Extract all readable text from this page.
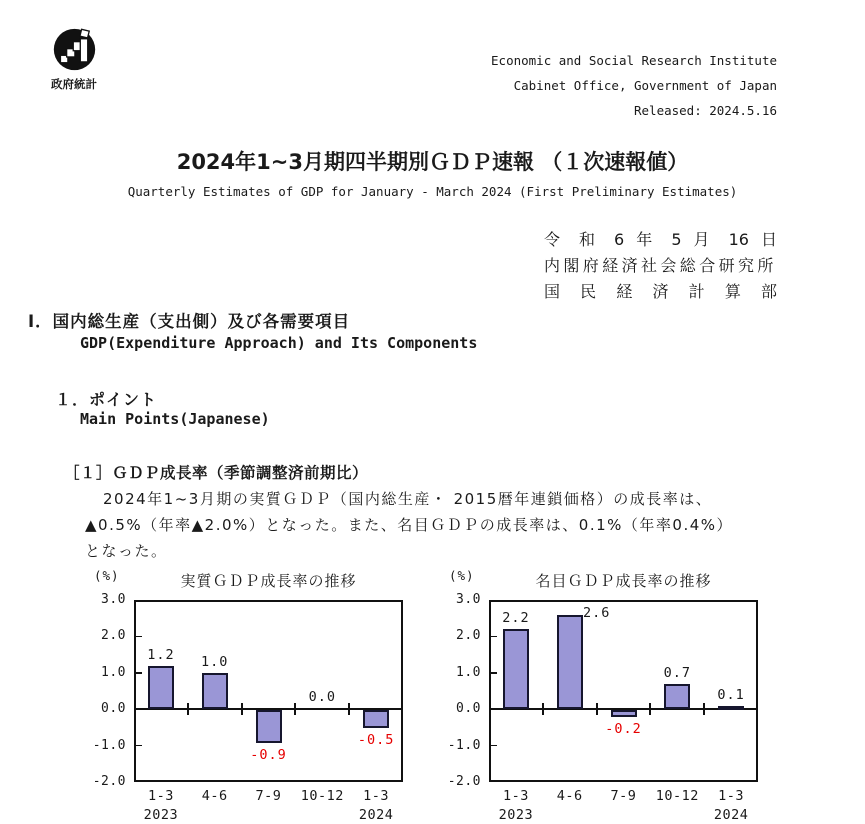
政府統計
Economic and Social Research Institute
Cabinet Office, Government of Japan
Released: 2024.5.16
2024年1~3月期四半期別ＧＤＰ速報 （１次速報値）
Quarterly Estimates of GDP for January - March 2024 (First Preliminary Estimates)
令 和 6 年 5 月 16 日
内閣府経済社会総合研究所
国 民 経 済 計 算 部
Ⅰ．国内総生産（支出側）及び各需要項目
GDP(Expenditure Approach) and Its Components
１．ポイント
Main Points(Japanese)
［１］ＧＤＰ成長率（季節調整済前期比）
2024年1~3月期の実質ＧＤＰ（国内総生産・ 2015暦年連鎖価格）の成長率は、
▲0.5%（年率▲2.0%）となった。また、名目ＧＤＰの成長率は、0.1%（年率0.4%）
となった。
(%)	実質ＧＤＰ成長率の推移
3.0
2.0
1.0
0.0
-1.0
-2.0
1.2
1-3
1.0
4-6
-0.9
7-9
0.0
10-12
-0.5
1-3
2023	2024
(%)	名目ＧＤＰ成長率の推移
3.0
2.0
1.0
0.0
-1.0
-2.0
2.2
1-3
2.6
4-6
-0.2
7-9
0.7
10-12
0.1
1-3
2023	2024
